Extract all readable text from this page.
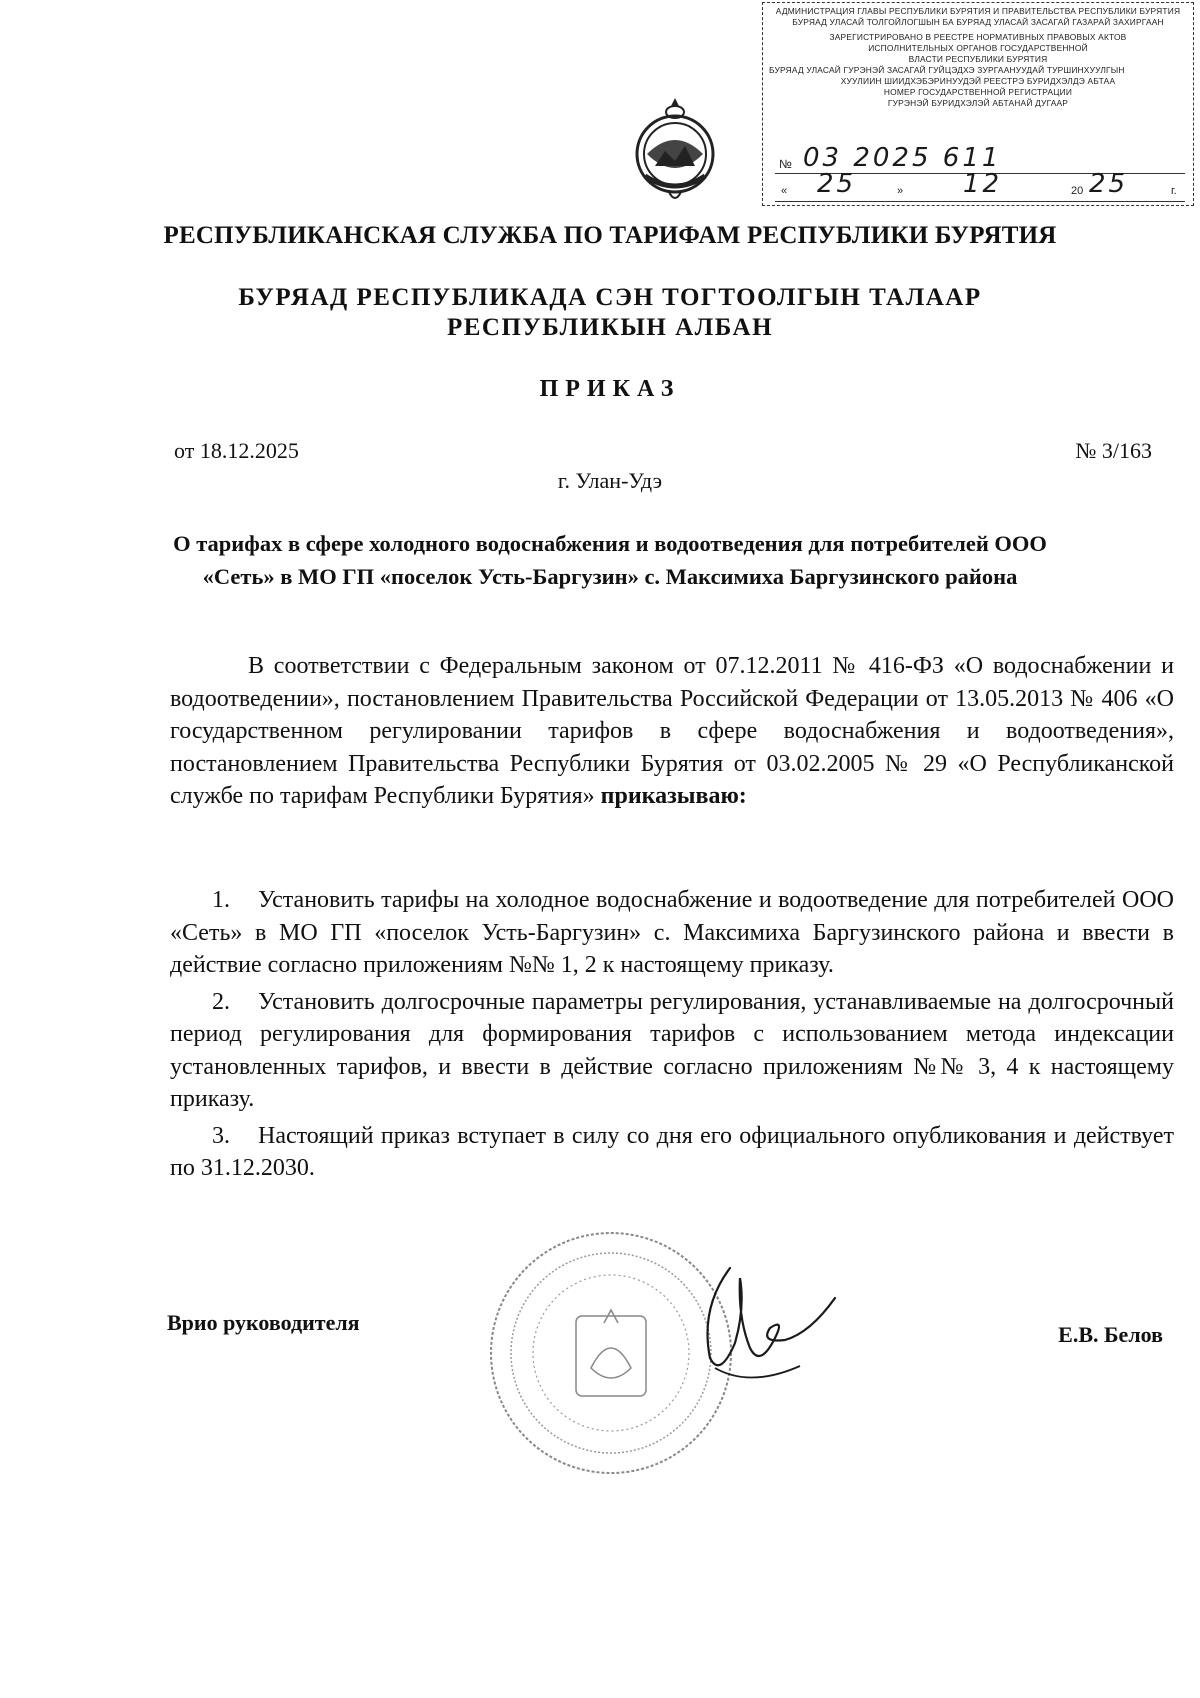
АДМИНИСТРАЦИЯ ГЛАВЫ РЕСПУБЛИКИ БУРЯТИЯ И ПРАВИТЕЛЬСТВА РЕСПУБЛИКИ БУРЯТИЯ
БУРЯАД УЛАСАЙ ТОЛГОЙЛОГШЫН БА БУРЯАД УЛАСАЙ ЗАСАГАЙ ГАЗАРАЙ ЗАХИРГААН
ЗАРЕГИСТРИРОВАНО В РЕЕСТРЕ НОРМАТИВНЫХ ПРАВОВЫХ АКТОВ
ИСПОЛНИТЕЛЬНЫХ ОРГАНОВ ГОСУДАРСТВЕННОЙ
ВЛАСТИ РЕСПУБЛИКИ БУРЯТИЯ
БУРЯАД УЛАСАЙ ГУРЭНЭЙ ЗАСАГАЙ ГУЙЦЭДХЭ ЗУРГААНУУДАЙ ТУРШИНХУУЛГЫН
ХУУЛИИН ШИИДХЭБЭРИНУУДЭЙ РЕЕСТРЭ БУРИДХЭЛДЭ АБТАА
НОМЕР ГОСУДАРСТВЕННОЙ РЕГИСТРАЦИИ
ГУРЭНЭЙ БУРИДХЭЛЭЙ АБТАНАЙ ДУГААР
№ 03 2025 611
« 25	» 12	20 25	г.
РЕСПУБЛИКАНСКАЯ СЛУЖБА ПО ТАРИФАМ РЕСПУБЛИКИ БУРЯТИЯ
БУРЯАД РЕСПУБЛИКАДА СЭН ТОГТООЛГЫН ТАЛААР
РЕСПУБЛИКЫН АЛБАН
ПРИКАЗ
от 18.12.2025	№ 3/163
г. Улан-Удэ
О тарифах в сфере холодного водоснабжения и водоотведения для потребителей ООО «Сеть» в МО ГП «поселок Усть-Баргузин» с. Максимиха Баргузинского района
В соответствии с Федеральным законом от 07.12.2011 № 416-ФЗ «О водоснабжении и водоотведении», постановлением Правительства Российской Федерации от 13.05.2013 № 406 «О государственном регулировании тарифов в сфере водоснабжения и водоотведения», постановлением Правительства Республики Бурятия от 03.02.2005 № 29 «О Республиканской службе по тарифам Республики Бурятия» приказываю:
1. Установить тарифы на холодное водоснабжение и водоотведение для потребителей ООО «Сеть» в МО ГП «поселок Усть-Баргузин» с. Максимиха Баргузинского района и ввести в действие согласно приложениям №№ 1, 2 к настоящему приказу.
2. Установить долгосрочные параметры регулирования, устанавливаемые на долгосрочный период регулирования для формирования тарифов с использованием метода индексации установленных тарифов, и ввести в действие согласно приложениям №№ 3, 4 к настоящему приказу.
3. Настоящий приказ вступает в силу со дня его официального опубликования и действует по 31.12.2030.
Врио руководителя	Е.В. Белов
